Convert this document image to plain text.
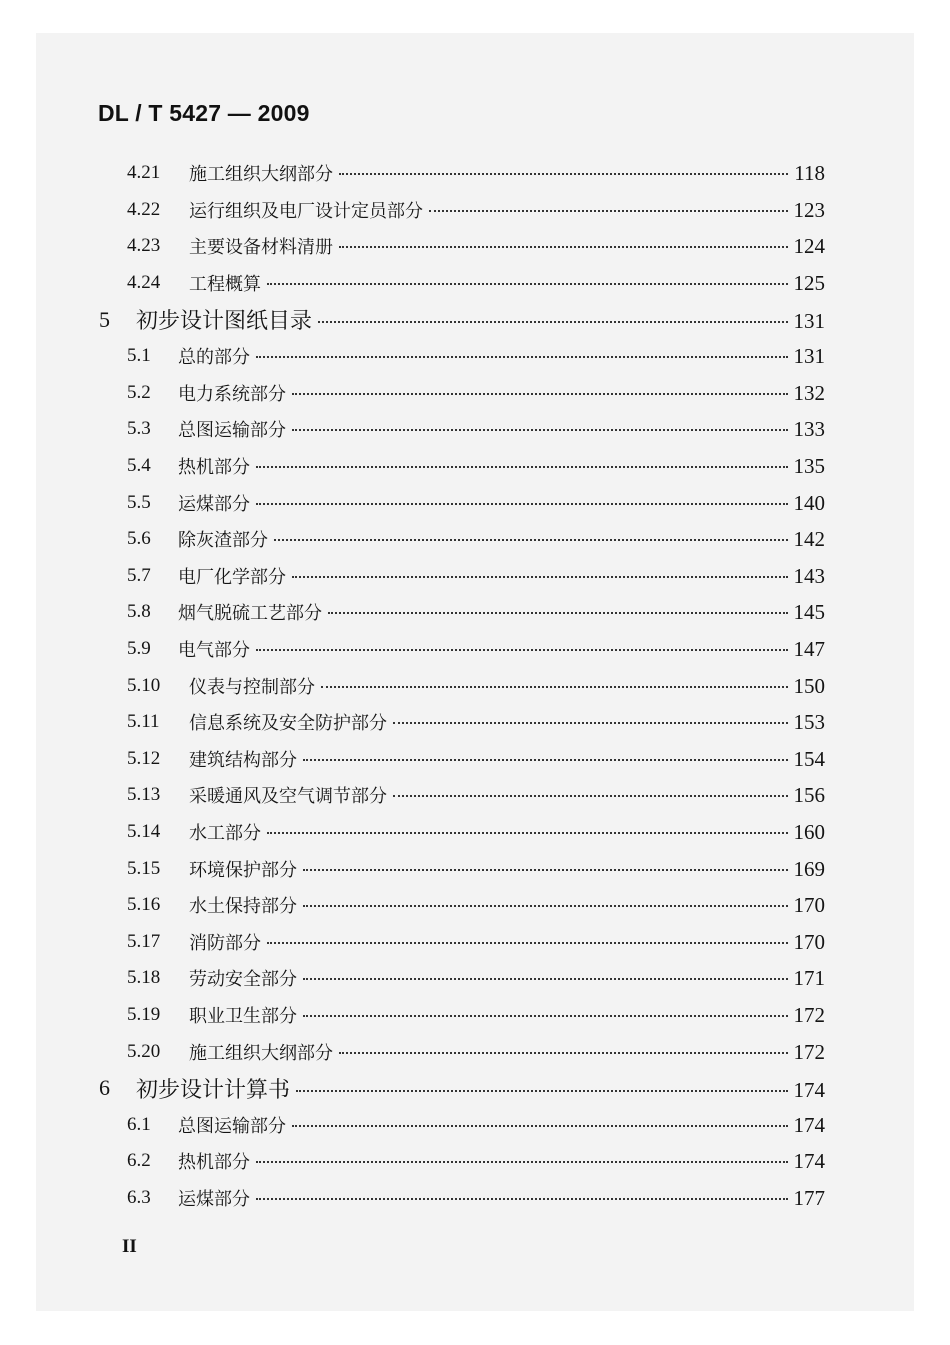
DL / T 5427 — 2009
4.21 施工组织大纲部分	118
4.22 运行组织及电厂设计定员部分	123
4.23 主要设备材料清册	124
4.24 工程概算	125
5 初步设计图纸目录	131
5.1 总的部分	131
5.2 电力系统部分	132
5.3 总图运输部分	133
5.4 热机部分	135
5.5 运煤部分	140
5.6 除灰渣部分	142
5.7 电厂化学部分	143
5.8 烟气脱硫工艺部分	145
5.9 电气部分	147
5.10 仪表与控制部分	150
5.11 信息系统及安全防护部分	153
5.12 建筑结构部分	154
5.13 采暖通风及空气调节部分	156
5.14 水工部分	160
5.15 环境保护部分	169
5.16 水土保持部分	170
5.17 消防部分	170
5.18 劳动安全部分	171
5.19 职业卫生部分	172
5.20 施工组织大纲部分	172
6 初步设计计算书	174
6.1 总图运输部分	174
6.2 热机部分	174
6.3 运煤部分	177
II
